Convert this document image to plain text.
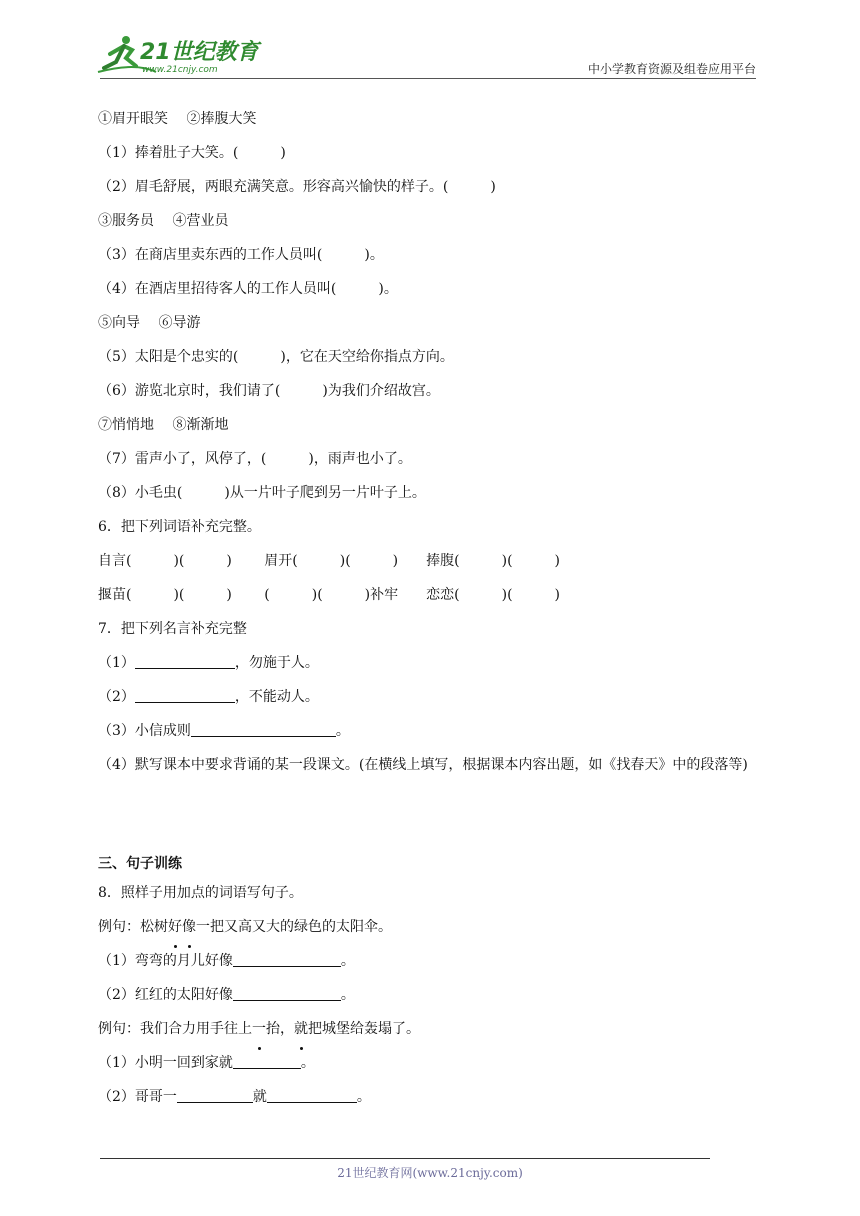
21世纪教育
www.21cnjy.com	中小学教育资源及组卷应用平台
①眉开眼笑　 ②捧腹大笑
（1）捧着肚子大笑。(　　　)
（2）眉毛舒展，两眼充满笑意。形容高兴愉快的样子。(　　　)
③服务员　 ④营业员
（3）在商店里卖东西的工作人员叫(　　　)。
（4）在酒店里招待客人的工作人员叫(　　　)。
⑤向导　 ⑥导游
（5）太阳是个忠实的(　　　)，它在天空给你指点方向。
（6）游览北京时，我们请了(　　　)为我们介绍故宫。
⑦悄悄地　 ⑧渐渐地
（7）雷声小了，风停了，(　　　)，雨声也小了。
（8）小毛虫(　　　)从一片叶子爬到另一片叶子上。
6．把下列词语补充完整。
自言(　　　)(　　　)　　 眉开(　　　)(　　　)　　捧腹(　　　)(　　　)
揠苗(　　　)(　　　)　　 (　　　)(　　　)补牢　　恋恋(　　　)(　　　)
7．把下列名言补充完整
（1）	，勿施于人。
（2）	，不能动人。
（3）小信成则	。
（4）默写课本中要求背诵的某一段课文。(在横线上填写，根据课本内容出题，如《找春天》中的段落等)
三、句子训练
8．照样子用加点的词语写句子。
例句：松树好像一把又高又大的绿色的太阳伞。
（1）弯弯的月儿好像	。
（2）红红的太阳好像	。
例句：我们合力用手往上一抬，就把城堡给轰塌了。
（1）小明一回到家就	。
（2）哥哥一	就	。
21世纪教育网(www.21cnjy.com)
